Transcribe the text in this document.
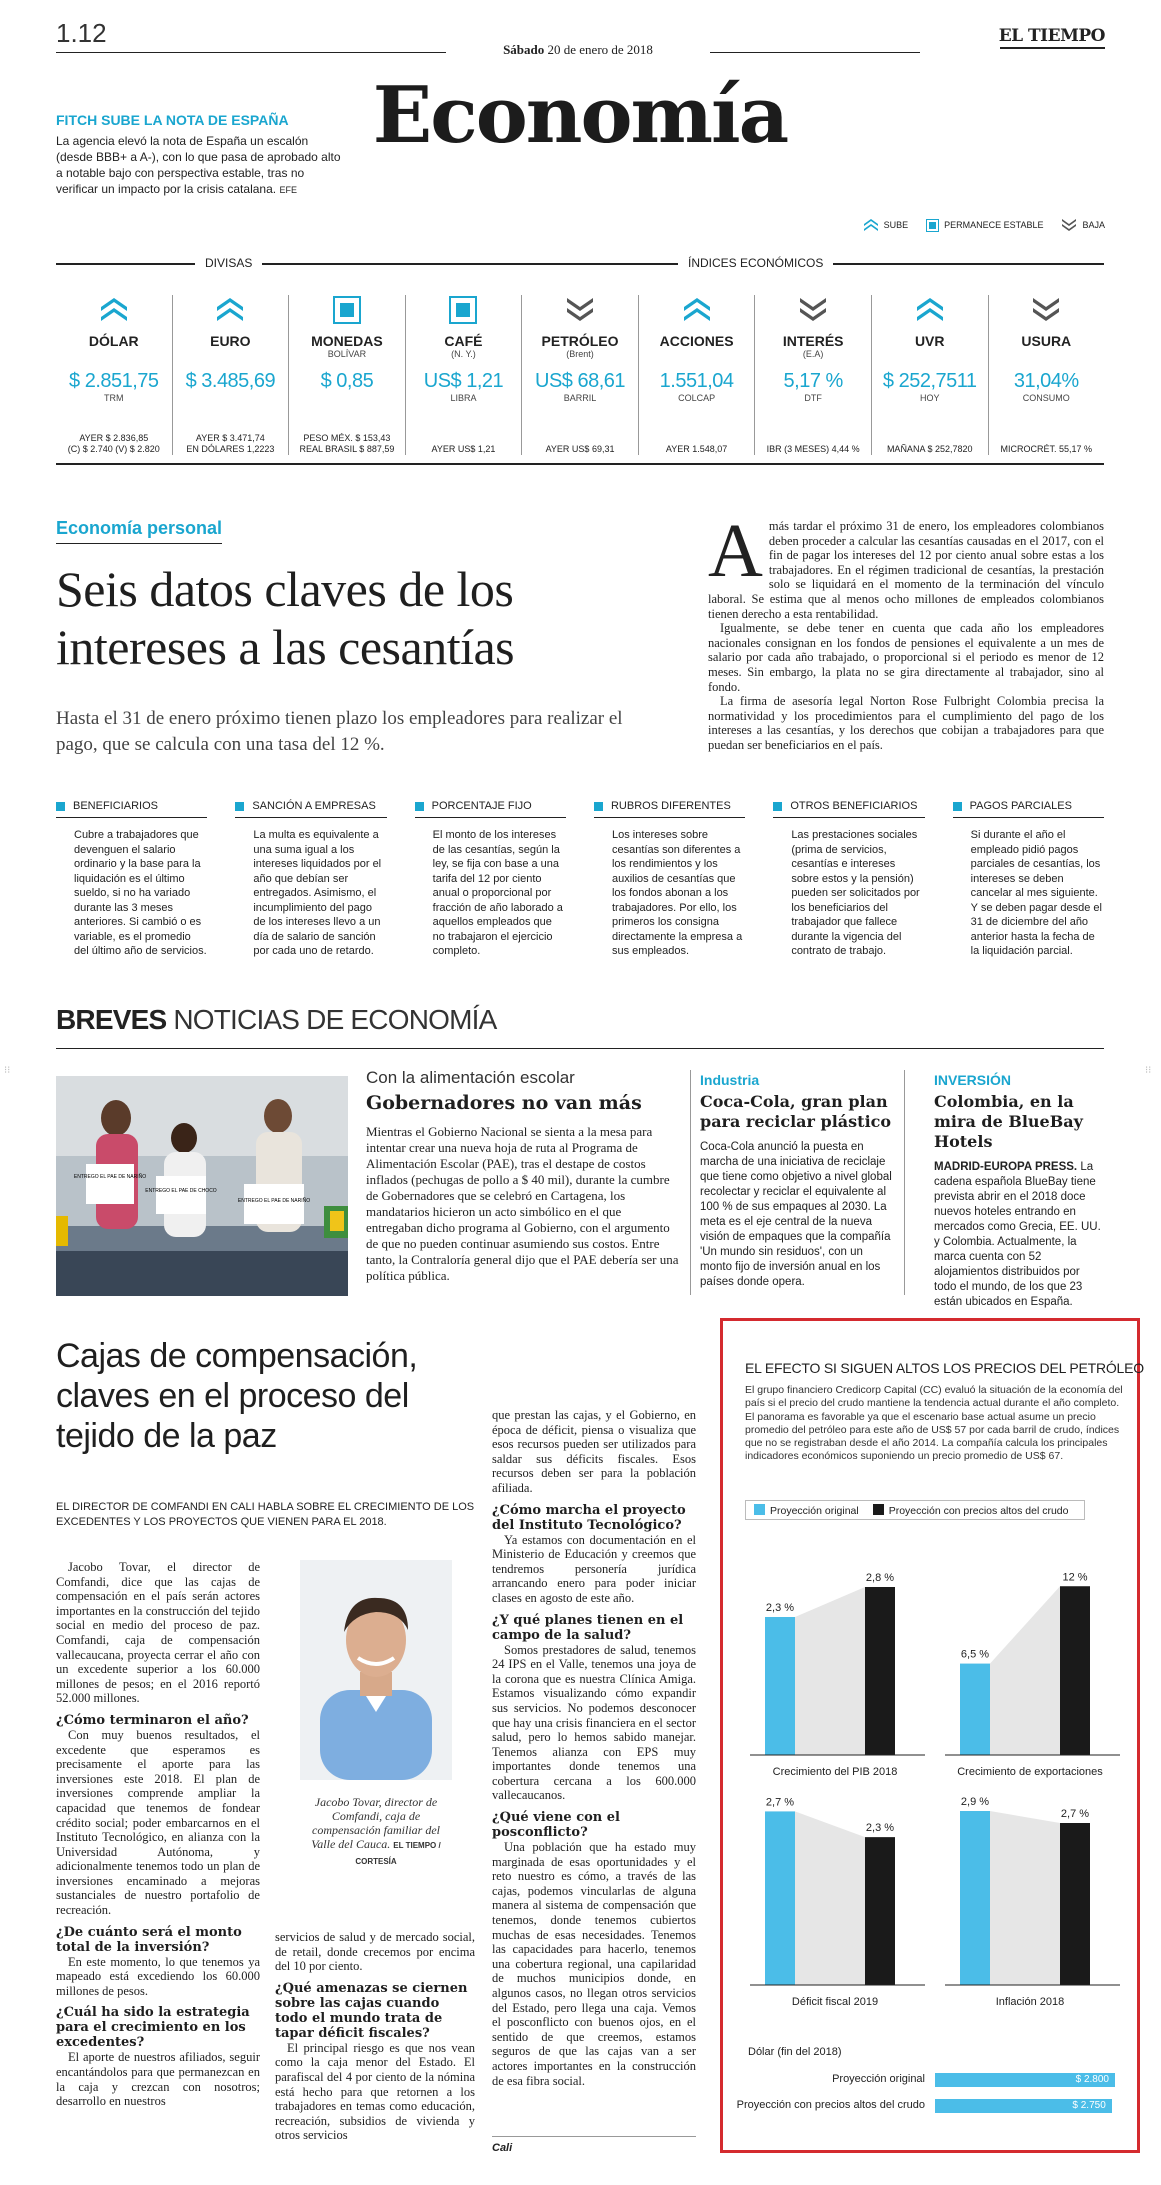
1.12
Sábado 20 de enero de 2018
EL TIEMPO
Economía
FITCH SUBE LA NOTA DE ESPAÑA
La agencia elevó la nota de España un escalón (desde BBB+ a A-), con lo que pasa de aprobado alto a notable bajo con perspectiva estable, tras no verificar un impacto por la crisis catalana. EFE
SUBE	PERMANECE ESTABLE	BAJA
DIVISAS	ÍNDICES ECONÓMICOS
DÓLAR
$ 2.851,75
TRM
AYER $ 2.836,85
(C) $ 2.740 (V) $ 2.820
EURO
$ 3.485,69
AYER $ 3.471,74
EN DÓLARES 1,2223
MONEDAS
BOLÍVAR
$ 0,85
PESO MÉX. $ 153,43
REAL BRASIL $ 887,59
CAFÉ
(N. Y.)
US$ 1,21
LIBRA
AYER US$ 1,21
PETRÓLEO
(Brent)
US$ 68,61
BARRIL
AYER US$ 69,31
ACCIONES
1.551,04
COLCAP
AYER 1.548,07
INTERÉS
(E.A)
5,17 %
DTF
IBR (3 MESES) 4,44 %
UVR
$ 252,7511
HOY
MAÑANA $ 252,7820
USURA
31,04%
CONSUMO
MICROCRÉT. 55,17 %
Economía personal
Seis datos claves de los intereses a las cesantías
Hasta el 31 de enero próximo tienen plazo los empleadores para realizar el pago, que se calcula con una tasa del 12 %.

Amás tardar el próximo 31 de enero, los empleadores colombianos deben proceder a calcular las cesantías causadas en el 2017, con el fin de pagar los intereses del 12 por ciento anual sobre estas a los trabajadores. En el régimen tradicional de cesantías, la prestación solo se liquidará en el momento de la terminación del vínculo laboral. Se estima que al menos ocho millones de empleados colombianos tienen derecho a esta rentabilidad.

Igualmente, se debe tener en cuenta que cada año los empleadores nacionales consignan en los fondos de pensiones el equivalente a un mes de salario por cada año trabajado, o proporcional si el periodo es menor de 12 meses. Sin embargo, la plata no se gira directamente al trabajador, sino al fondo.

La firma de asesoría legal Norton Rose Fulbright Colombia precisa la normatividad y los procedimientos para el cumplimiento del pago de los intereses a las cesantías, y los derechos que cobijan a trabajadores para que puedan ser beneficiarios en el país.

BENEFICIARIOS
Cubre a trabajadores que devenguen el salario ordinario y la base para la liquidación es el último sueldo, si no ha variado durante las 3 meses anteriores. Si cambió o es variable, es el promedio del último año de servicios.
SANCIÓN A EMPRESAS
La multa es equivalente a una suma igual a los intereses liquidados por el año que debían ser entregados. Asimismo, el incumplimiento del pago de los intereses llevo a un día de salario de sanción por cada uno de retardo.
PORCENTAJE FIJO
El monto de los intereses de las cesantías, según la ley, se fija con base a una tarifa del 12 por ciento anual o proporcional por fracción de año laborado a aquellos empleados que no trabajaron el ejercicio completo.
RUBROS DIFERENTES
Los intereses sobre cesantías son diferentes a los rendimientos y los auxilios de cesantías que los fondos abonan a los trabajadores. Por ello, los primeros los consigna directamente la empresa a sus empleados.
OTROS BENEFICIARIOS
Las prestaciones sociales (prima de servicios, cesantías e intereses sobre estos y la pensión) pueden ser solicitados por los beneficiarios del trabajador que fallece durante la vigencia del contrato de trabajo.
PAGOS PARCIALES
Si durante el año el empleado pidió pagos parciales de cesantías, los intereses se deben cancelar al mes siguiente. Y se deben pagar desde el 31 de diciembre del año anterior hasta la fecha de la liquidación parcial.
⁝⁝	⁝⁝
BREVES NOTICIAS DE ECONOMÍA
ENTREGO EL PAE DE NARIÑO
ENTREGO EL PAE DE CHOCO
ENTREGO EL PAE DE NARIÑO
Con la alimentación escolar
Gobernadores no van más
Mientras el Gobierno Nacional se sienta a la mesa para intentar crear una nueva hoja de ruta al Programa de Alimentación Escolar (PAE), tras el destape de costos inflados (pechugas de pollo a $ 40 mil), durante la cumbre de Gobernadores que se celebró en Cartagena, los mandatarios hicieron un acto simbólico en el que entregaban dicho programa al Gobierno, con el argumento de que no pueden continuar asumiendo sus costos. Entre tanto, la Contraloría general dijo que el PAE debería ser una política pública.
Industria
Coca-Cola, gran plan para reciclar plástico
Coca-Cola anunció la puesta en marcha de una iniciativa de reciclaje que tiene como objetivo a nivel global recolectar y reciclar el equivalente al 100 % de sus empaques al 2030. La meta es el eje central de la nueva visión de empaques que la compañía 'Un mundo sin residuos', con un monto fijo de inversión anual en los países donde opera.
INVERSIÓN
Colombia, en la mira de BlueBay Hotels
MADRID-EUROPA PRESS. La cadena española BlueBay tiene prevista abrir en el 2018 doce nuevos hoteles entrando en mercados como Grecia, EE. UU. y Colombia. Actualmente, la marca cuenta con 52 alojamientos distribuidos por todo el mundo, de los que 23 están ubicados en España.
Cajas de compensación, claves en el proceso del tejido de la paz
EL DIRECTOR DE COMFANDI EN CALI HABLA SOBRE EL CRECIMIENTO DE LOS EXCEDENTES Y LOS PROYECTOS QUE VIENEN PARA EL 2018.

Jacobo Tovar, el director de Comfandi, dice que las cajas de compensación en el país serán actores importantes en la construcción del tejido social en medio del proceso de paz. Comfandi, caja de compensación vallecaucana, proyecta cerrar el año con un excedente superior a los 60.000 millones de pesos; en el 2016 reportó 52.000 millones.

¿Cómo terminaron el año?

Con muy buenos resultados, el excedente que esperamos es precisamente el aporte para las inversiones este 2018. El plan de inversiones comprende ampliar la capacidad que tenemos de fondear crédito social; poder embarcarnos en el Instituto Tecnológico, en alianza con la Universidad Autónoma, y adicionalmente tenemos todo un plan de inversiones encaminado a mejoras sustanciales de nuestro portafolio de recreación.

¿De cuánto será el monto total de la inversión?

En este momento, lo que tenemos ya mapeado está excediendo los 60.000 millones de pesos.

¿Cuál ha sido la estrategia para el crecimiento en los excedentes?

El aporte de nuestros afiliados, seguir encantándolos para que permanezcan en la caja y crezcan con nosotros; desarrollo en nuestros

Jacobo Tovar, director de Comfandi, caja de compensación familiar del Valle del Cauca. EL TIEMPO / CORTESÍA

servicios de salud y de mercado social, de retail, donde crecemos por encima del 10 por ciento.

¿Qué amenazas se ciernen sobre las cajas cuando todo el mundo trata de tapar déficit fiscales?

El principal riesgo es que nos vean como la caja menor del Estado. El parafiscal del 4 por ciento de la nómina está hecho para que retornen a los trabajadores en temas como educación, recreación, subsidios de vivienda y otros servicios

que prestan las cajas, y el Gobierno, en época de déficit, piensa o visualiza que esos recursos pueden ser utilizados para saldar sus déficits fiscales. Esos recursos deben ser para la población afiliada.

¿Cómo marcha el proyecto del Instituto Tecnológico?

Ya estamos con documentación en el Ministerio de Educación y creemos que tendremos personería jurídica arrancando enero para poder iniciar clases en agosto de este año.

¿Y qué planes tienen en el campo de la salud?

Somos prestadores de salud, tenemos 24 IPS en el Valle, tenemos una joya de la corona que es nuestra Clínica Amiga. Estamos visualizando cómo expandir sus servicios. No podemos desconocer que hay una crisis financiera en el sector salud, pero lo hemos sabido manejar. Tenemos alianza con EPS muy importantes donde tenemos una cobertura cercana a los 600.000 vallecaucanos.

¿Qué viene con el posconflicto?

Una población que ha estado muy marginada de esas oportunidades y el reto nuestro es cómo, a través de las cajas, podemos vincularlas de alguna manera al sistema de compensación que tenemos, donde tenemos cubiertos muchas de esas necesidades. Tenemos las capacidades para hacerlo, tenemos una cobertura regional, una capilaridad de muchos municipios donde, en algunos casos, no llegan otros servicios del Estado, pero llega una caja. Vemos el posconflicto con buenos ojos, en el sentido de que creemos, estamos seguros de que las cajas van a ser actores importantes en la construcción de esa fibra social.

Cali
EL EFECTO SI SIGUEN ALTOS LOS PRECIOS DEL PETRÓLEO
El grupo financiero Credicorp Capital (CC) evaluó la situación de la economía del país si el precio del crudo mantiene la tendencia actual durante el año completo. El panorama es favorable ya que el escenario base actual asume un precio promedio del petróleo para este año de US$ 57 por cada barril de crudo, índices que no se registraban desde el año 2014. La compañía calcula los principales indicadores económicos suponiendo un precio promedio de US$ 67.
Proyección original	Proyección con precios altos del crudo
2,3 %
2,8 %
Crecimiento del PIB 2018
6,5 %
12 %
Crecimiento de exportaciones
2,7 %
2,3 %
Déficit fiscal 2019
2,9 %
2,7 %
Inflación 2018
Dólar (fin del 2018)
Proyección original	$ 2.800
Proyección con precios altos del crudo	$ 2.750
